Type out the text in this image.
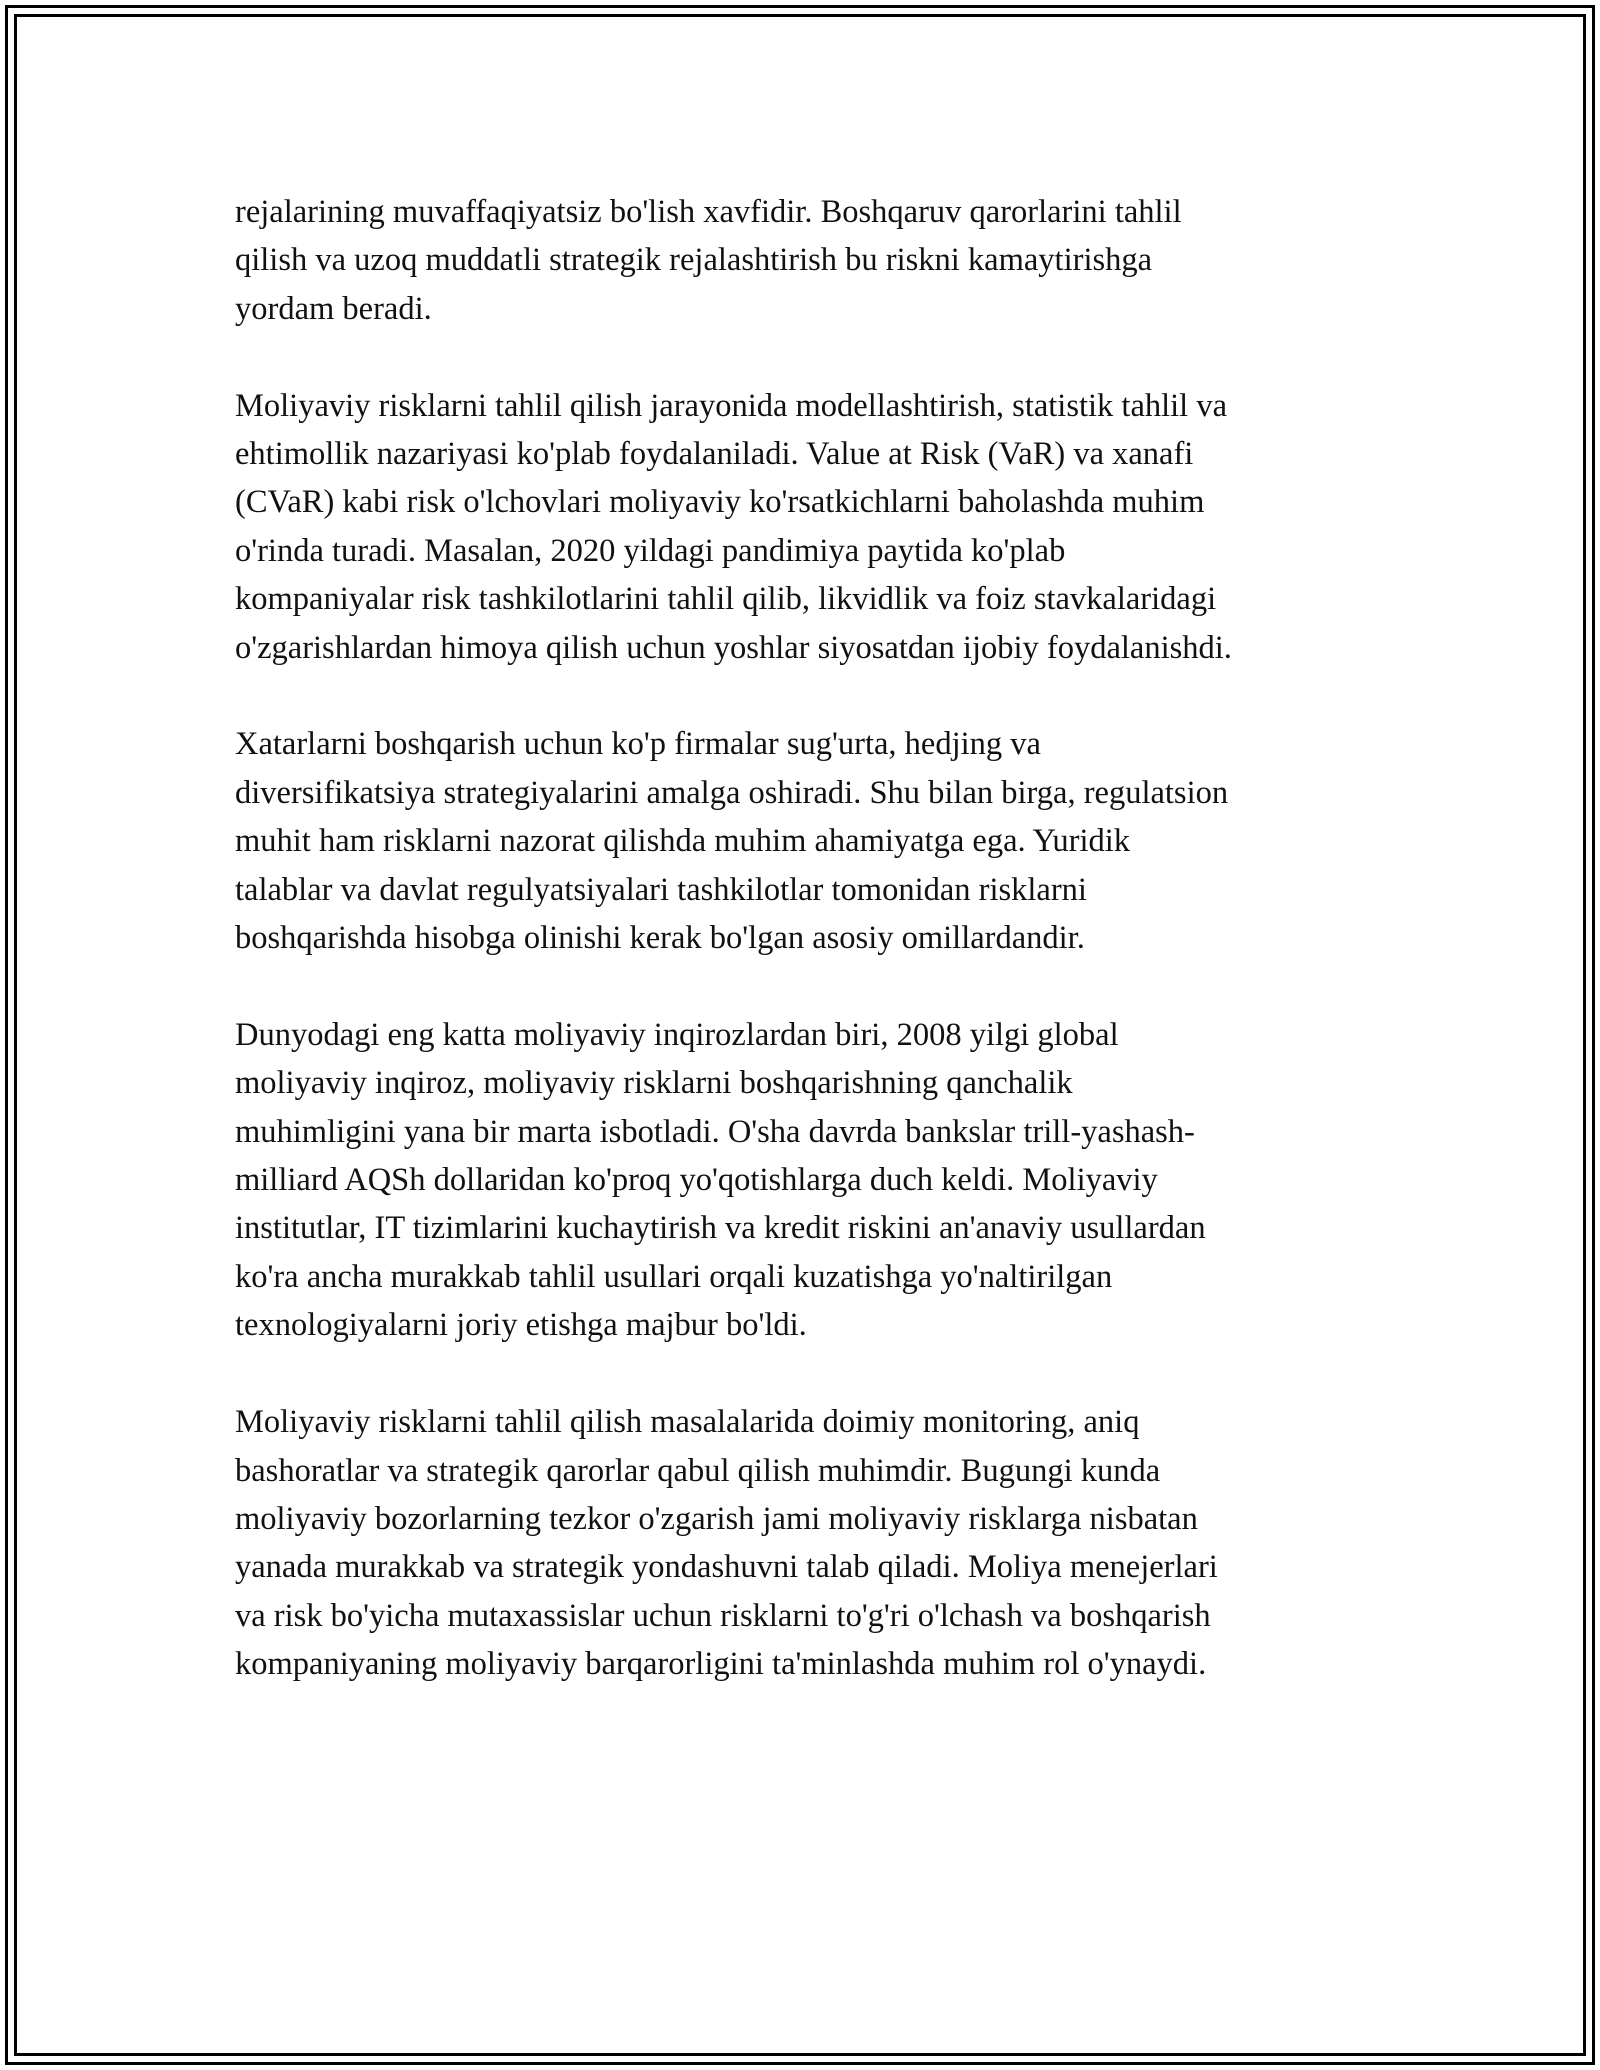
rejalarining muvaffaqiyatsiz bo'lish xavfidir. Boshqaruv qarorlarini tahlil
qilish va uzoq muddatli strategik rejalashtirish bu riskni kamaytirishga
yordam beradi.

Moliyaviy risklarni tahlil qilish jarayonida modellashtirish, statistik tahlil va
ehtimollik nazariyasi ko'plab foydalaniladi. Value at Risk (VaR) va xanafi
(CVaR) kabi risk o'lchovlari moliyaviy ko'rsatkichlarni baholashda muhim
o'rinda turadi. Masalan, 2020 yildagi pandimiya paytida ko'plab
kompaniyalar risk tashkilotlarini tahlil qilib, likvidlik va foiz stavkalaridagi
o'zgarishlardan himoya qilish uchun yoshlar siyosatdan ijobiy foydalanishdi.

Xatarlarni boshqarish uchun ko'p firmalar sug'urta, hedjing va
diversifikatsiya strategiyalarini amalga oshiradi. Shu bilan birga, regulatsion
muhit ham risklarni nazorat qilishda muhim ahamiyatga ega. Yuridik
talablar va davlat regulyatsiyalari tashkilotlar tomonidan risklarni
boshqarishda hisobga olinishi kerak bo'lgan asosiy omillardandir.

Dunyodagi eng katta moliyaviy inqirozlardan biri, 2008 yilgi global
moliyaviy inqiroz, moliyaviy risklarni boshqarishning qanchalik
muhimligini yana bir marta isbotladi. O'sha davrda bankslar trill-yashash-
milliard AQSh dollaridan ko'proq yo'qotishlarga duch keldi. Moliyaviy
institutlar, IT tizimlarini kuchaytirish va kredit riskini an'anaviy usullardan
ko'ra ancha murakkab tahlil usullari orqali kuzatishga yo'naltirilgan
texnologiyalarni joriy etishga majbur bo'ldi.

Moliyaviy risklarni tahlil qilish masalalarida doimiy monitoring, aniq
bashoratlar va strategik qarorlar qabul qilish muhimdir. Bugungi kunda
moliyaviy bozorlarning tezkor o'zgarish jami moliyaviy risklarga nisbatan
yanada murakkab va strategik yondashuvni talab qiladi. Moliya menejerlari
va risk bo'yicha mutaxassislar uchun risklarni to'g'ri o'lchash va boshqarish
kompaniyaning moliyaviy barqarorligini ta'minlashda muhim rol o'ynaydi.
